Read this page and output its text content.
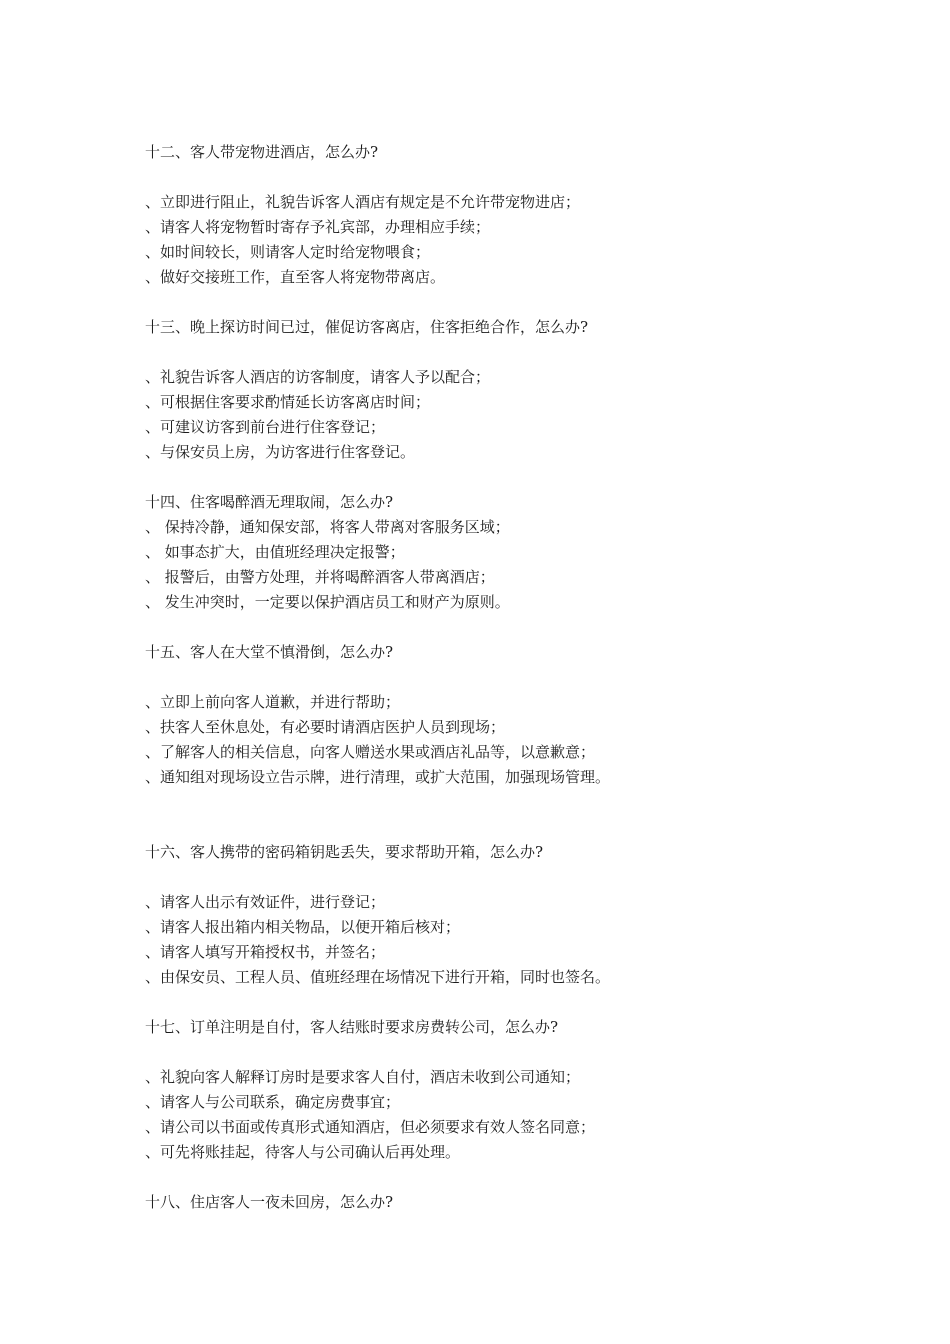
十二、客人带宠物进酒店，怎么办?
、立即进行阻止，礼貌告诉客人酒店有规定是不允许带宠物进店；
、请客人将宠物暂时寄存予礼宾部，办理相应手续；
、如时间较长，则请客人定时给宠物喂食；
、做好交接班工作，直至客人将宠物带离店。
十三、晚上探访时间已过，催促访客离店，住客拒绝合作，怎么办?
、礼貌告诉客人酒店的访客制度，请客人予以配合；
、可根据住客要求酌情延长访客离店时间；
、可建议访客到前台进行住客登记；
、与保安员上房，为访客进行住客登记。
十四、住客喝醉酒无理取闹，怎么办?
、 保持冷静，通知保安部，将客人带离对客服务区域；
、 如事态扩大，由值班经理决定报警；
、 报警后，由警方处理，并将喝醉酒客人带离酒店；
、 发生冲突时，一定要以保护酒店员工和财产为原则。
十五、客人在大堂不慎滑倒，怎么办?
、立即上前向客人道歉，并进行帮助；
、扶客人至休息处，有必要时请酒店医护人员到现场；
、了解客人的相关信息，向客人赠送水果或酒店礼品等，以意歉意；
、通知组对现场设立告示牌，进行清理，或扩大范围，加强现场管理。
十六、客人携带的密码箱钥匙丢失，要求帮助开箱，怎么办?
、请客人出示有效证件，进行登记；
、请客人报出箱内相关物品，以便开箱后核对；
、请客人填写开箱授权书，并签名；
、由保安员、工程人员、值班经理在场情况下进行开箱，同时也签名。
十七、订单注明是自付，客人结账时要求房费转公司，怎么办?
、礼貌向客人解释订房时是要求客人自付，酒店未收到公司通知；
、请客人与公司联系，确定房费事宜；
、请公司以书面或传真形式通知酒店，但必须要求有效人签名同意；
、可先将账挂起，待客人与公司确认后再处理。
十八、住店客人一夜未回房，怎么办?
